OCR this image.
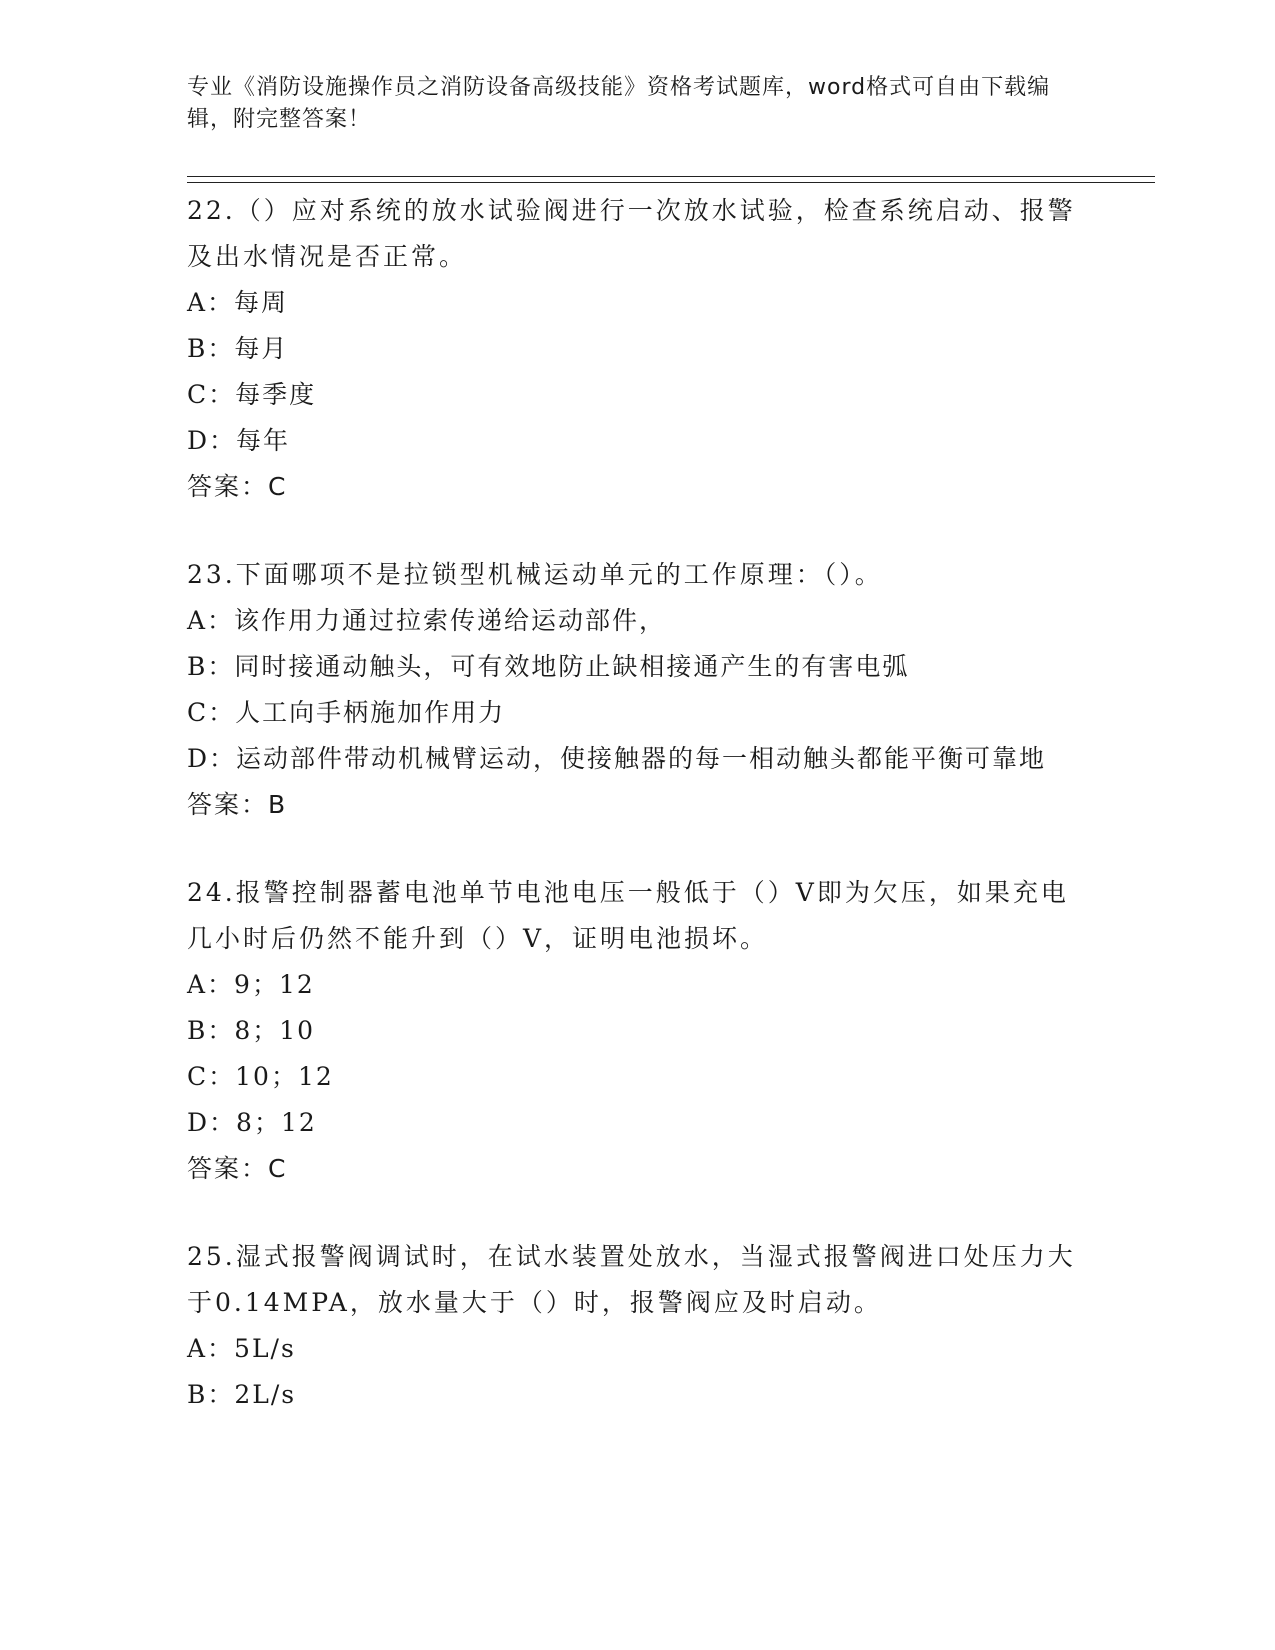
专业《消防设施操作员之消防设备高级技能》资格考试题库，word格式可自由下载编辑，附完整答案！

22.（）应对系统的放水试验阀进行一次放水试验，检查系统启动、报警及出水情况是否正常。

A：每周

B：每月

C：每季度

D：每年

答案：C

23.下面哪项不是拉锁型机械运动单元的工作原理：（）。

A：该作用力通过拉索传递给运动部件，

B：同时接通动触头，可有效地防止缺相接通产生的有害电弧

C：人工向手柄施加作用力

D：运动部件带动机械臂运动，使接触器的每一相动触头都能平衡可靠地

答案：B

24.报警控制器蓄电池单节电池电压一般低于（）V即为欠压，如果充电几小时后仍然不能升到（）V，证明电池损坏。

A：9；12

B：8；10

C：10；12

D：8；12

答案：C

25.湿式报警阀调试时，在试水装置处放水，当湿式报警阀进口处压力大于0.14MPA，放水量大于（）时，报警阀应及时启动。

A：5L/s

B：2L/s
